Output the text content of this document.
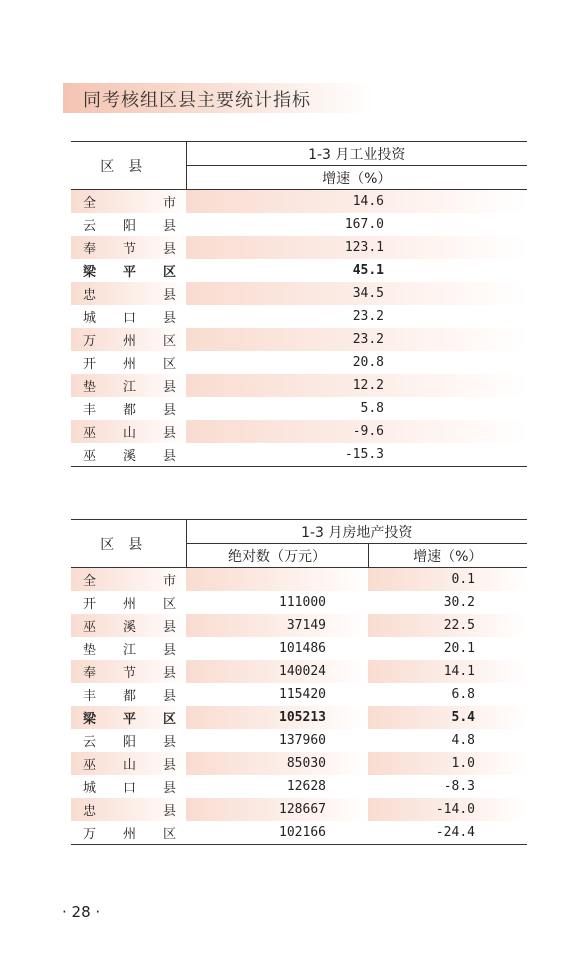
同考核组区县主要统计指标
区县	1-3 月工业投资
	增速（%）
全 市	14.6
云 阳 县	167.0
奉 节 县	123.1
梁 平 区	45.1
忠 县	34.5
城 口 县	23.2
万 州 区	23.2
开 州 区	20.8
垫 江 县	12.2
丰 都 县	5.8
巫 山 县	-9.6
巫 溪 县	-15.3
区县	1-3 月房地产投资	
	绝对数（万元）	增速（%）
全 市		0.1
开 州 区	111000	30.2
巫 溪 县	37149	22.5
垫 江 县	101486	20.1
奉 节 县	140024	14.1
丰 都 县	115420	6.8
梁 平 区	105213	5.4
云 阳 县	137960	4.8
巫 山 县	85030	1.0
城 口 县	12628	-8.3
忠 县	128667	-14.0
万 州 区	102166	-24.4
· 28 ·
